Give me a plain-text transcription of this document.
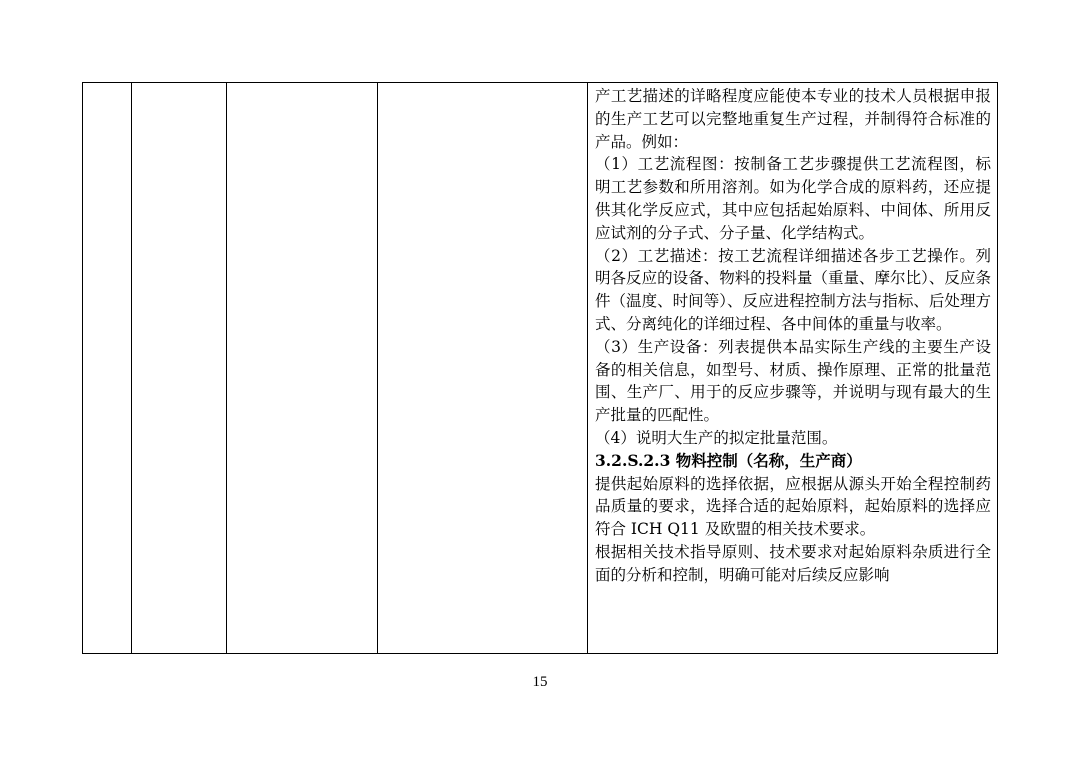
产工艺描述的详略程度应能使本专业的技术人员根据申报的生产工艺可以完整地重复生产过程，并制得符合标准的产品。例如：
（1）工艺流程图：按制备工艺步骤提供工艺流程图，标明工艺参数和所用溶剂。如为化学合成的原料药，还应提供其化学反应式，其中应包括起始原料、中间体、所用反应试剂的分子式、分子量、化学结构式。
（2）工艺描述：按工艺流程详细描述各步工艺操作。列明各反应的设备、物料的投料量（重量、摩尔比）、反应条件（温度、时间等）、反应进程控制方法与指标、后处理方式、分离纯化的详细过程、各中间体的重量与收率。
（3）生产设备：列表提供本品实际生产线的主要生产设备的相关信息，如型号、材质、操作原理、正常的批量范围、生产厂、用于的反应步骤等，并说明与现有最大的生产批量的匹配性。
（4）说明大生产的拟定批量范围。
3.2.S.2.3 物料控制（名称，生产商）
提供起始原料的选择依据，应根据从源头开始全程控制药品质量的要求，选择合适的起始原料，起始原料的选择应符合 ICH Q11 及欧盟的相关技术要求。
根据相关技术指导原则、技术要求对起始原料杂质进行全面的分析和控制，明确可能对后续反应影响
15
